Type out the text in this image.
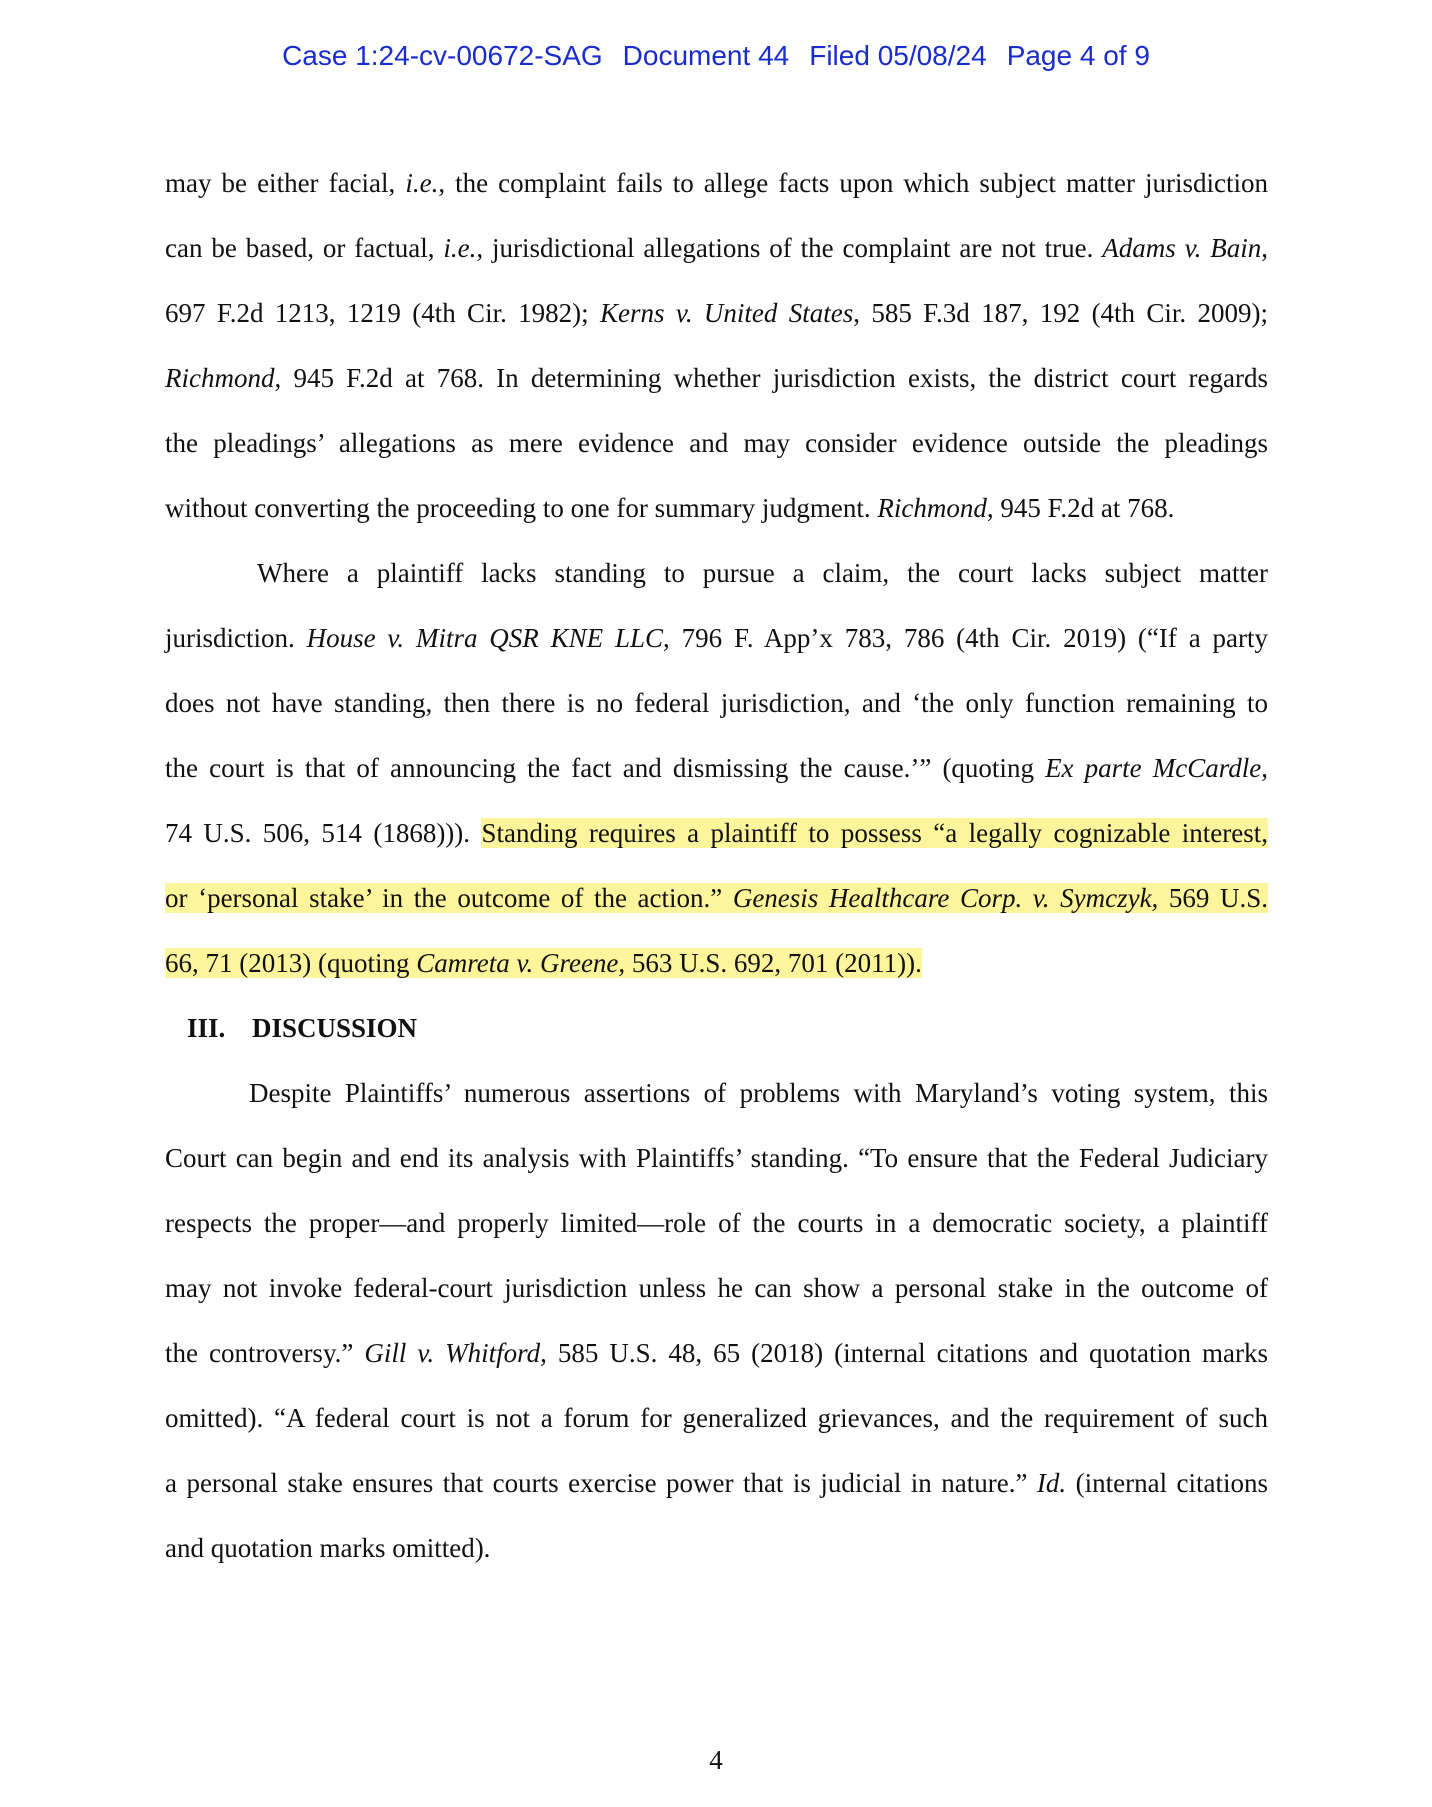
Case 1:24-cv-00672-SAG Document 44 Filed 05/08/24 Page 4 of 9
may be either facial, i.e., the complaint fails to allege facts upon which subject matter jurisdiction
can be based, or factual, i.e., jurisdictional allegations of the complaint are not true. Adams v. Bain,
697 F.2d 1213, 1219 (4th Cir. 1982); Kerns v. United States, 585 F.3d 187, 192 (4th Cir. 2009);
Richmond, 945 F.2d at 768. In determining whether jurisdiction exists, the district court regards
the pleadings’ allegations as mere evidence and may consider evidence outside the pleadings
without converting the proceeding to one for summary judgment. Richmond, 945 F.2d at 768.
Where a plaintiff lacks standing to pursue a claim, the court lacks subject matter
jurisdiction. House v. Mitra QSR KNE LLC, 796 F. App’x 783, 786 (4th Cir. 2019) (“If a party
does not have standing, then there is no federal jurisdiction, and ‘the only function remaining to
the court is that of announcing the fact and dismissing the cause.’” (quoting Ex parte McCardle,
74 U.S. 506, 514 (1868))). Standing requires a plaintiff to possess “a legally cognizable interest,
or ‘personal stake’ in the outcome of the action.” Genesis Healthcare Corp. v. Symczyk, 569 U.S.
66, 71 (2013) (quoting Camreta v. Greene, 563 U.S. 692, 701 (2011)).
III. DISCUSSION
Despite Plaintiffs’ numerous assertions of problems with Maryland’s voting system, this
Court can begin and end its analysis with Plaintiffs’ standing. “To ensure that the Federal Judiciary
respects the proper—and properly limited—role of the courts in a democratic society, a plaintiff
may not invoke federal-court jurisdiction unless he can show a personal stake in the outcome of
the controversy.” Gill v. Whitford, 585 U.S. 48, 65 (2018) (internal citations and quotation marks
omitted). “A federal court is not a forum for generalized grievances, and the requirement of such
a personal stake ensures that courts exercise power that is judicial in nature.” Id. (internal citations
and quotation marks omitted).
4
